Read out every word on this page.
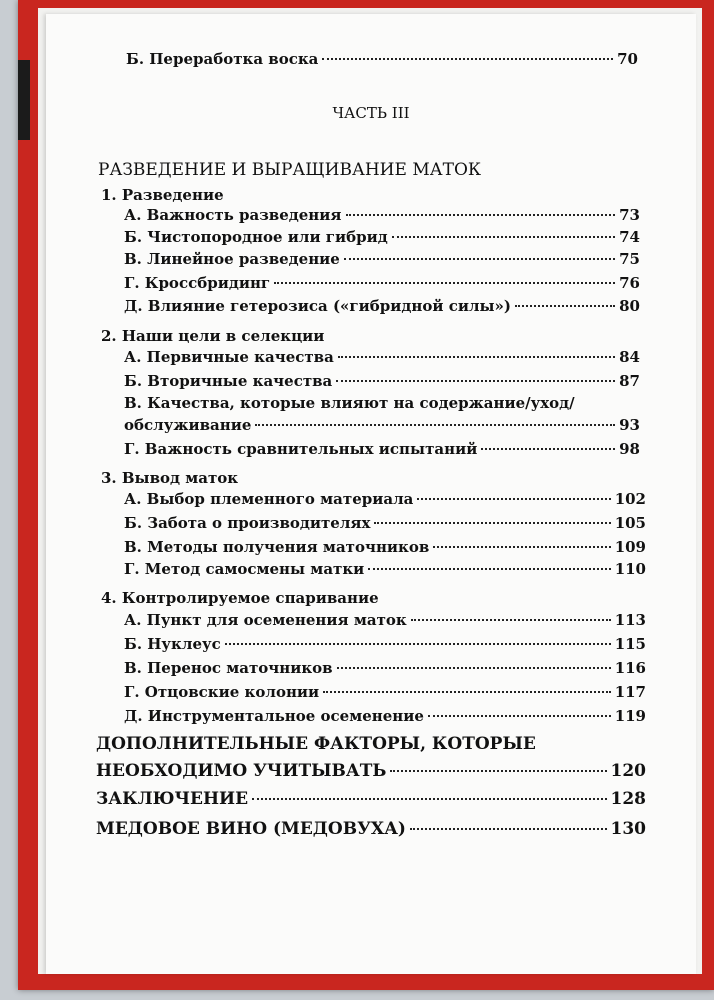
Б. Переработка воска	70
ЧАСТЬ III
РАЗВЕДЕНИЕ И ВЫРАЩИВАНИЕ МАТОК
1. Разведение
А. Важность разведения	73
Б. Чистопородное или гибрид	74
В. Линейное разведение	75
Г. Кроссбридинг	76
Д. Влияние гетерозиса («гибридной силы»)	80
2. Наши цели в селекции
А. Первичные качества	84
Б. Вторичные качества	87
В. Качества, которые влияют на содержание/уход/
обслуживание	93
Г. Важность сравнительных испытаний	98
3. Вывод маток
А. Выбор племенного материала	102
Б. Забота о производителях	105
В. Методы получения маточников	109
Г. Метод самосмены матки	110
4. Контролируемое спаривание
А. Пункт для осеменения маток	113
Б. Нуклеус	115
В. Перенос маточников	116
Г. Отцовские колонии	117
Д. Инструментальное осеменение	119
ДОПОЛНИТЕЛЬНЫЕ ФАКТОРЫ, КОТОРЫЕ
НЕОБХОДИМО УЧИТЫВАТЬ	120
ЗАКЛЮЧЕНИЕ	128
МЕДОВОЕ ВИНО (МЕДОВУХА)	130
